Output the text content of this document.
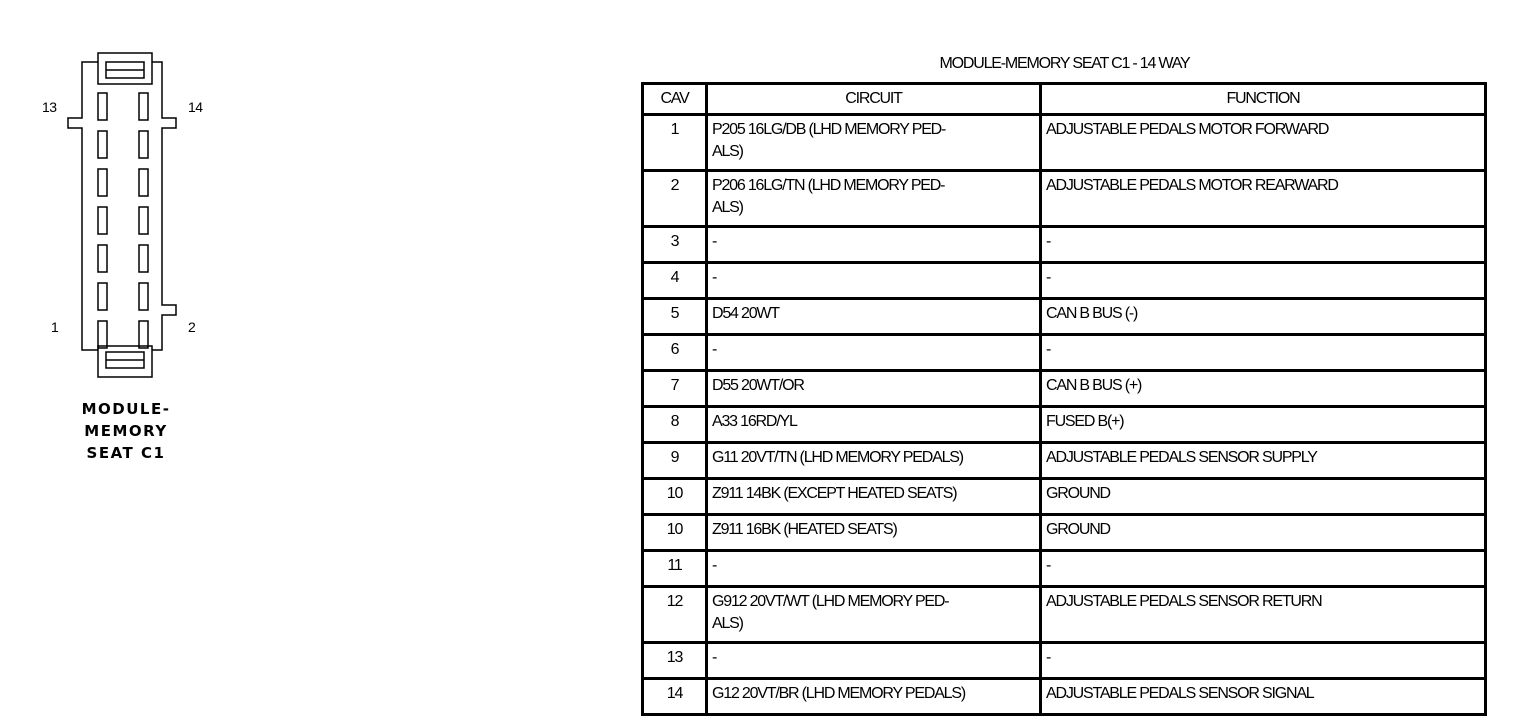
13	14
1	2
MODULE-
MEMORY
SEAT C1
MODULE-MEMORY SEAT C1 - 14 WAY
CAV	CIRCUIT	FUNCTION
1	P205 16LG/DB (LHD MEMORY PED-
ALS)	ADJUSTABLE PEDALS MOTOR FORWARD
2	P206 16LG/TN (LHD MEMORY PED-
ALS)	ADJUSTABLE PEDALS MOTOR REARWARD
3	-	-
4	-	-
5	D54 20WT	CAN B BUS (-)
6	-	-
7	D55 20WT/OR	CAN B BUS (+)
8	A33 16RD/YL	FUSED B(+)
9	G11 20VT/TN (LHD MEMORY PEDALS)	ADJUSTABLE PEDALS SENSOR SUPPLY
10	Z911 14BK (EXCEPT HEATED SEATS)	GROUND
10	Z911 16BK (HEATED SEATS)	GROUND
11	-	-
12	G912 20VT/WT (LHD MEMORY PED-
ALS)	ADJUSTABLE PEDALS SENSOR RETURN
13	-	-
14	G12 20VT/BR (LHD MEMORY PEDALS)	ADJUSTABLE PEDALS SENSOR SIGNAL
